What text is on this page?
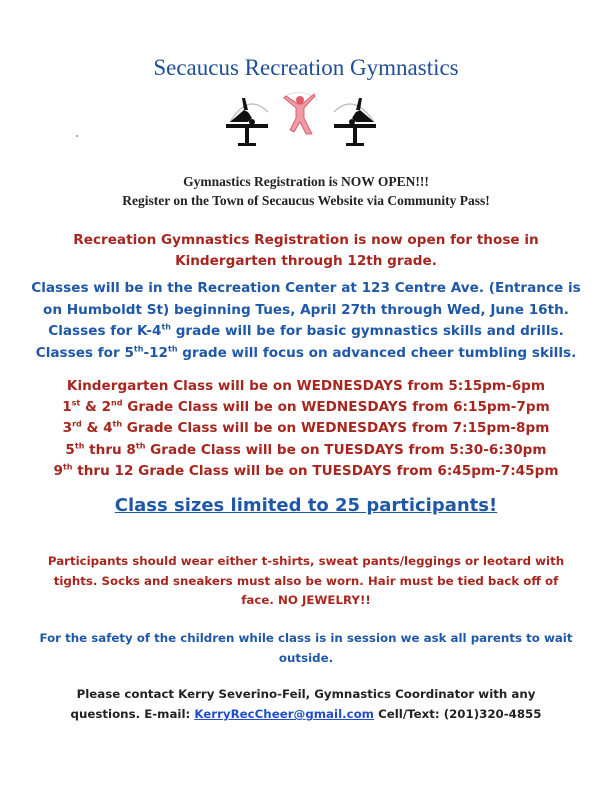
Secaucus Recreation Gymnastics
Gymnastics Registration is NOW OPEN!!!
Register on the Town of Secaucus Website via Community Pass!
Recreation Gymnastics Registration is now open for those in
Kindergarten through 12th grade.
Classes will be in the Recreation Center at 123 Centre Ave. (Entrance is
on Humboldt St) beginning Tues, April 27th through Wed, June 16th.
Classes for K-4th grade will be for basic gymnastics skills and drills.
Classes for 5th-12th grade will focus on advanced cheer tumbling skills.
Kindergarten Class will be on WEDNESDAYS from 5:15pm-6pm
1st & 2nd Grade Class will be on WEDNESDAYS from 6:15pm-7pm
3rd & 4th Grade Class will be on WEDNESDAYS from 7:15pm-8pm
5th thru 8th Grade Class will be on TUESDAYS from 5:30-6:30pm
9th thru 12 Grade Class will be on TUESDAYS from 6:45pm-7:45pm
Class sizes limited to 25 participants!
Participants should wear either t-shirts, sweat pants/leggings or leotard with
tights. Socks and sneakers must also be worn. Hair must be tied back off of
face. NO JEWELRY!!
For the safety of the children while class is in session we ask all parents to wait
outside.
Please contact Kerry Severino-Feil, Gymnastics Coordinator with any
questions. E-mail: KerryRecCheer@gmail.com Cell/Text: (201)320-4855
